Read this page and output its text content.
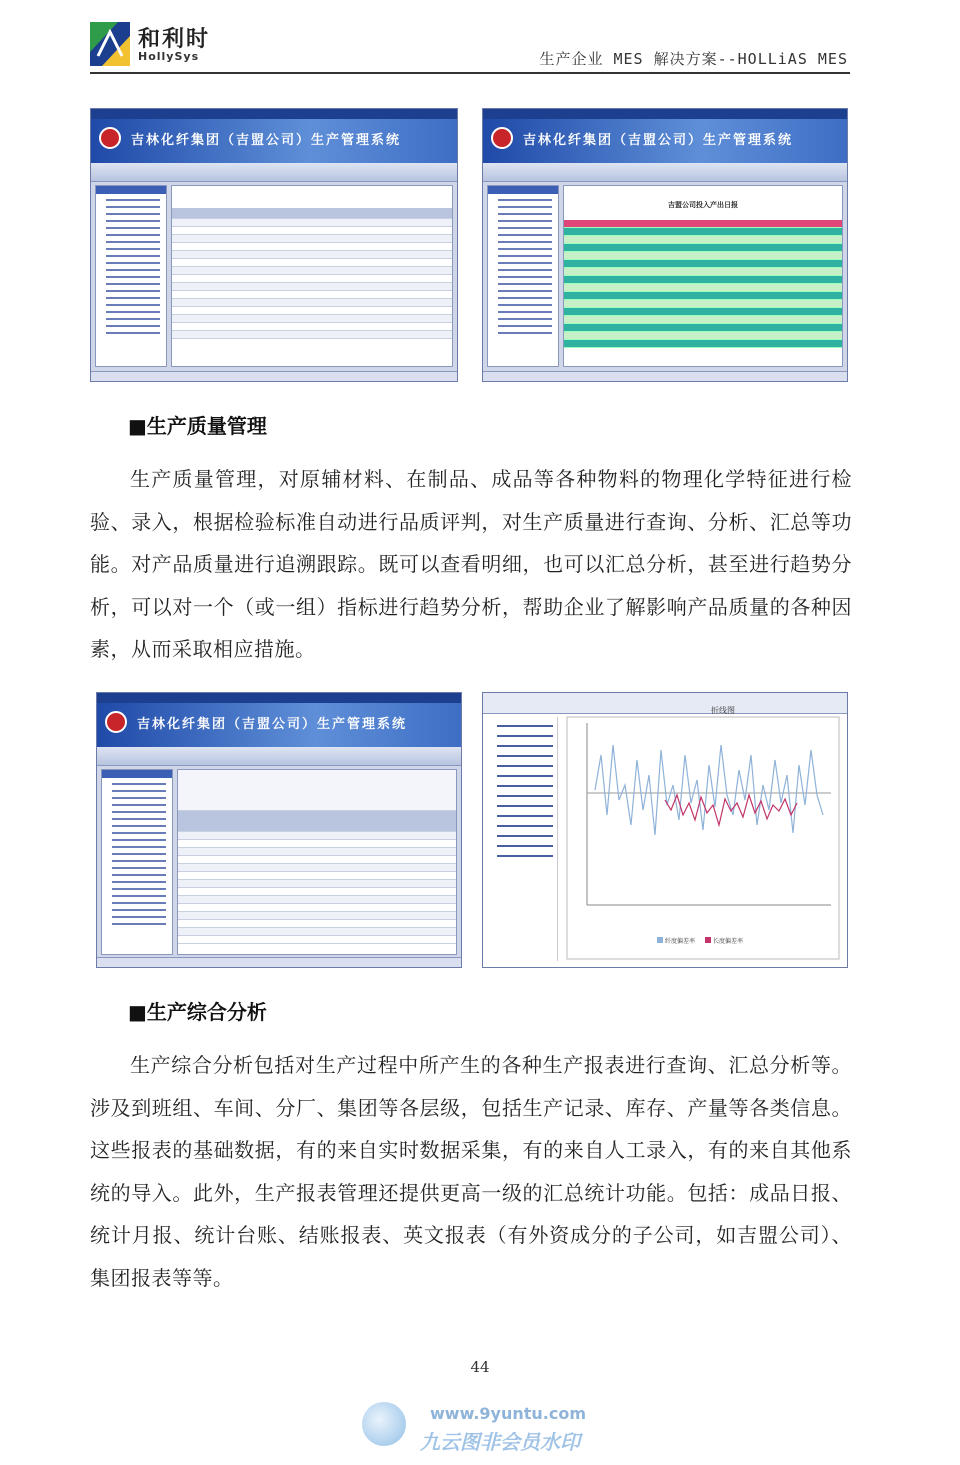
和利时
HollySys	生产企业 MES 解决方案--HOLLiAS MES
吉林化纤集团（吉盟公司）生产管理系统	吉林化纤集团（吉盟公司）生产管理系统
吉盟公司投入产出日报
■生产质量管理
生产质量管理，对原辅材料、在制品、成品等各种物料的物理化学特征进行检验、录入，根据检验标准自动进行品质评判，对生产质量进行查询、分析、汇总等功能。对产品质量进行追溯跟踪。既可以查看明细，也可以汇总分析，甚至进行趋势分析，可以对一个（或一组）指标进行趋势分析，帮助企业了解影响产品质量的各种因素，从而采取相应措施。
吉林化纤集团（吉盟公司）生产管理系统
折线图
纤度偏差率	长度偏差率
■生产综合分析
生产综合分析包括对生产过程中所产生的各种生产报表进行查询、汇总分析等。涉及到班组、车间、分厂、集团等各层级，包括生产记录、库存、产量等各类信息。这些报表的基础数据，有的来自实时数据采集，有的来自人工录入，有的来自其他系统的导入。此外，生产报表管理还提供更高一级的汇总统计功能。包括：成品日报、统计月报、统计台账、结账报表、英文报表（有外资成分的子公司，如吉盟公司）、集团报表等等。
44
www.9yuntu.com
九云图非会员水印
